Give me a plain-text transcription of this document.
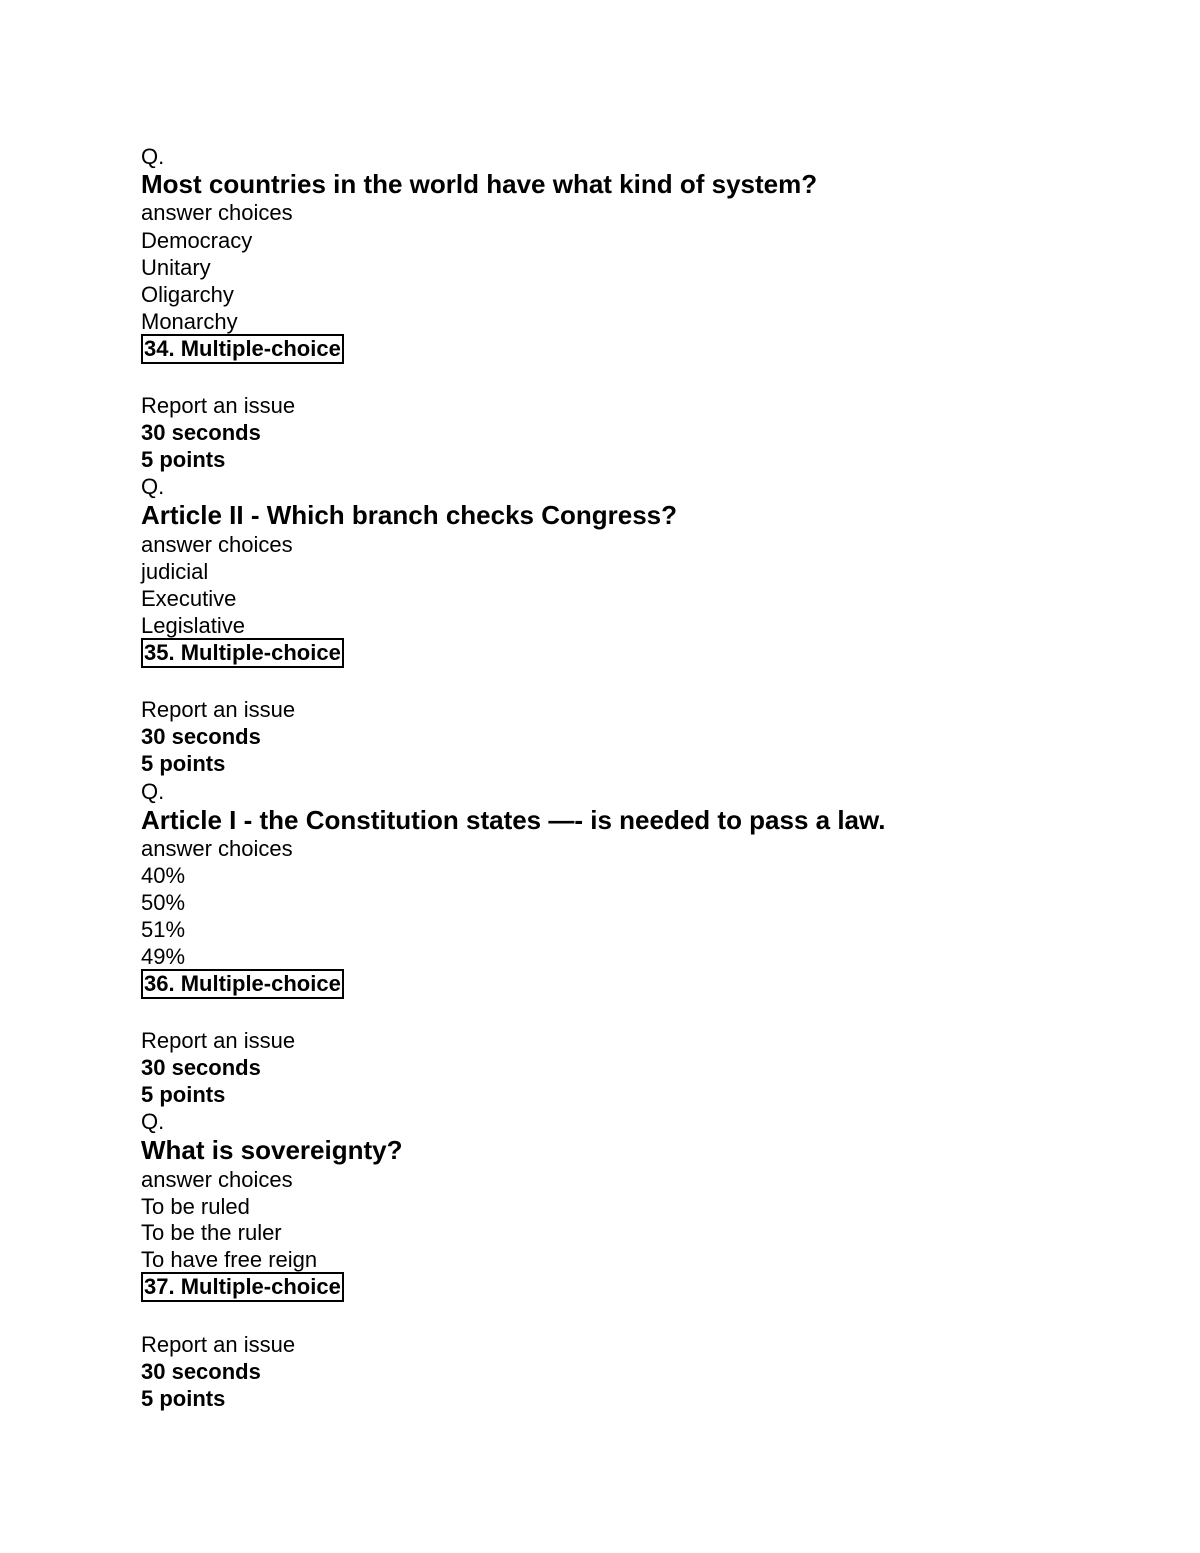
Q.
Most countries in the world have what kind of system?
answer choices
Democracy
Unitary
Oligarchy
Monarchy
34. Multiple-choice
Report an issue
30 seconds
5 points
Q.
Article II - Which branch checks Congress?
answer choices
judicial
Executive
Legislative
35. Multiple-choice
Report an issue
30 seconds
5 points
Q.
Article I - the Constitution states —- is needed to pass a law.
answer choices
40%
50%
51%
49%
36. Multiple-choice
Report an issue
30 seconds
5 points
Q.
What is sovereignty?
answer choices
To be ruled
To be the ruler
To have free reign
37. Multiple-choice
Report an issue
30 seconds
5 points
